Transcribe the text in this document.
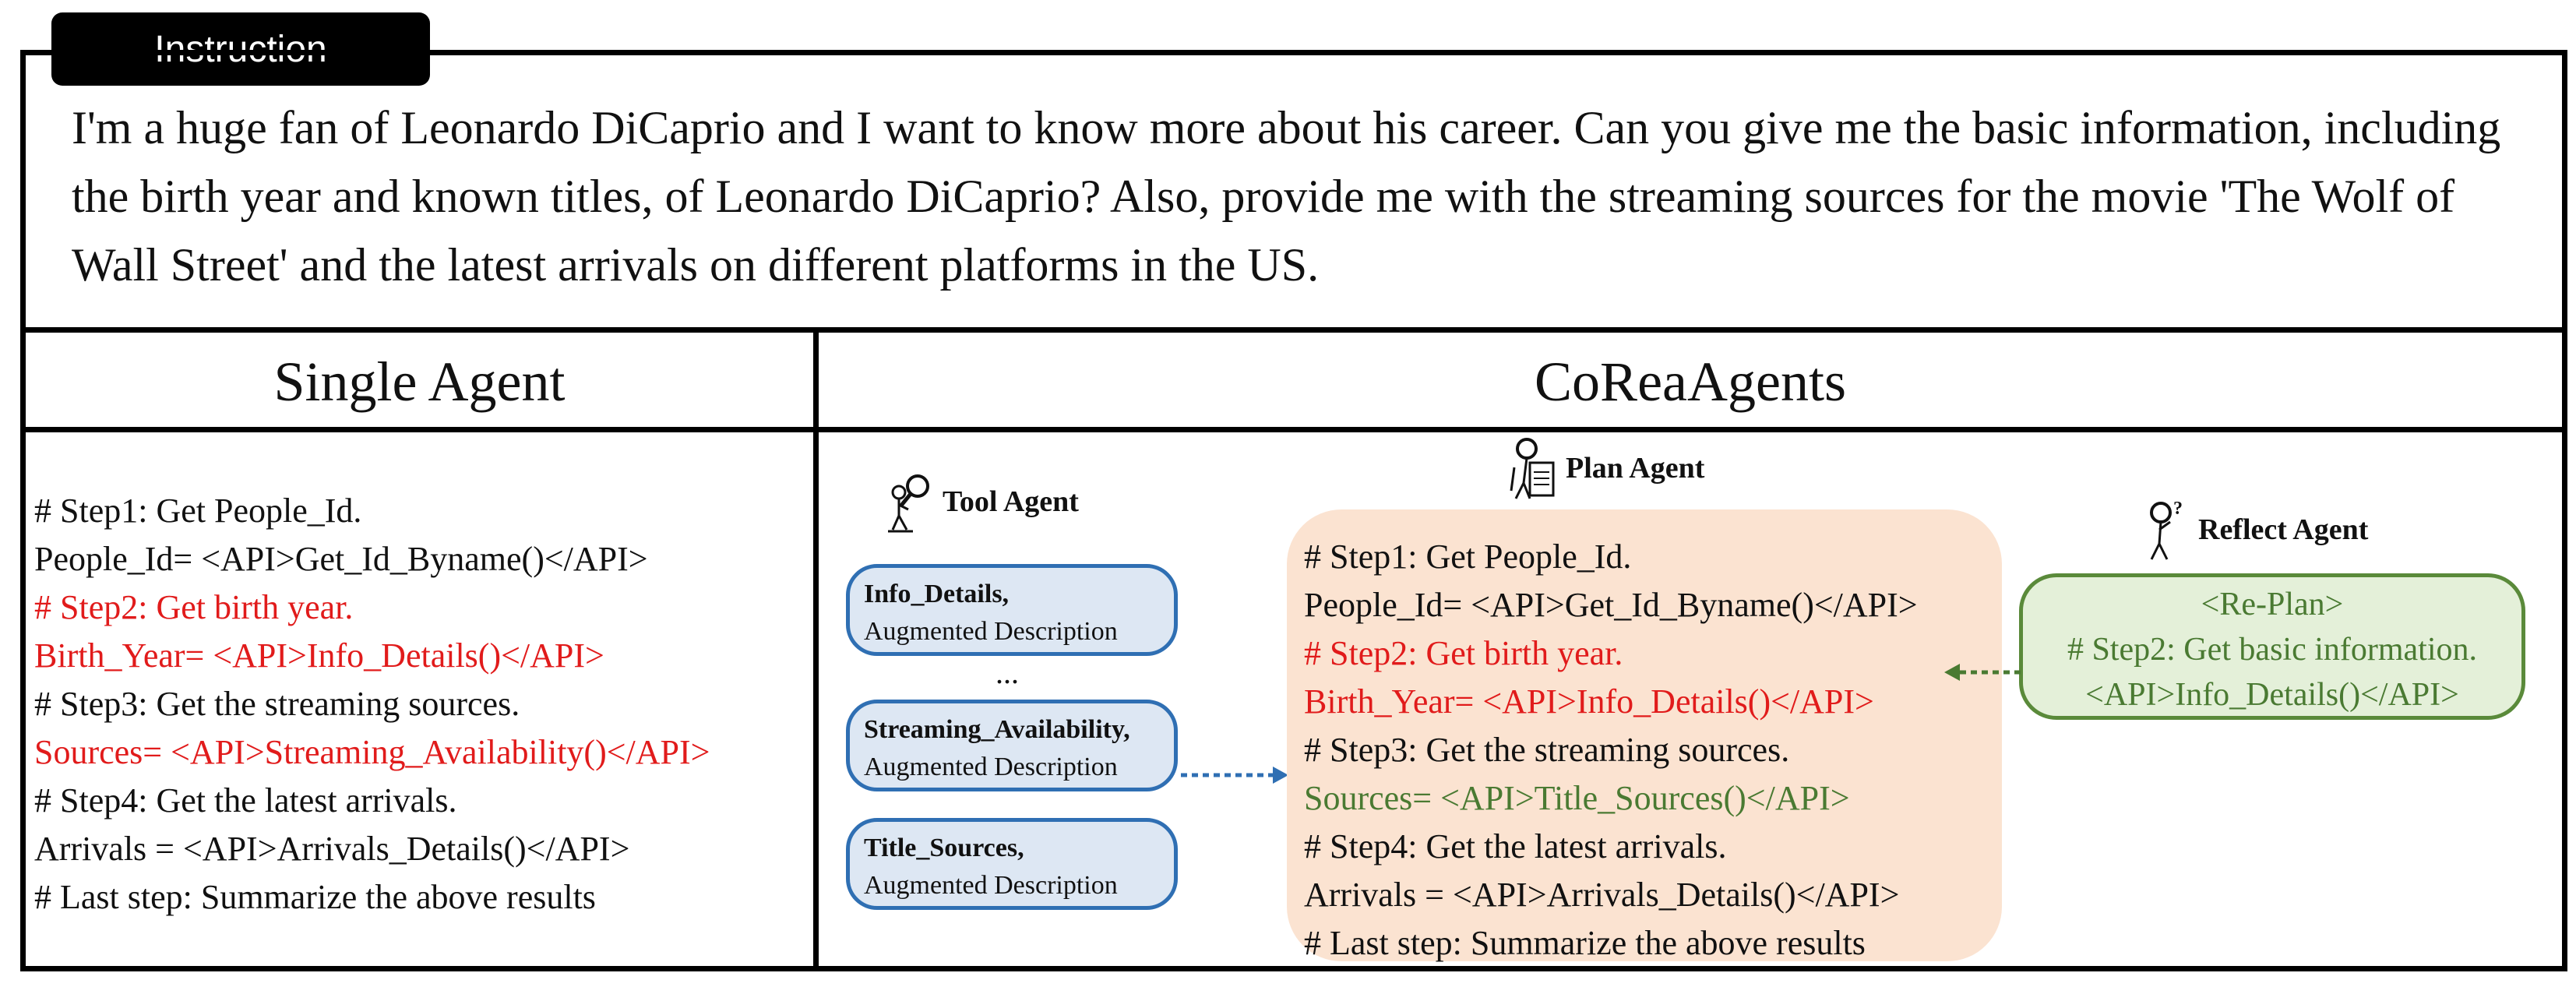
Instruction
I'm a huge fan of Leonardo DiCaprio and I want to know more about his career. Can you give me the basic information, including the birth year and known titles, of Leonardo DiCaprio? Also, provide me with the streaming sources for the movie 'The Wolf of Wall Street' and the latest arrivals on different platforms in the US.
Single Agent	CoReaAgents
# Step1: Get People_Id.
People_Id= <API>Get_Id_Byname()</API>
# Step2: Get birth year.
Birth_Year= <API>Info_Details()</API>
# Step3: Get the streaming sources.
Sources= <API>Streaming_Availability()</API>
# Step4: Get the latest arrivals.
Arrivals = <API>Arrivals_Details()</API>
# Last step: Summarize the above results
Tool Agent
Info_Details,
Augmented Description
...
Streaming_Availability,
Augmented Description
Title_Sources,
Augmented Description
Plan Agent
# Step1: Get People_Id.
People_Id= <API>Get_Id_Byname()</API>
# Step2: Get birth year.
Birth_Year= <API>Info_Details()</API>
# Step3: Get the streaming sources.
Sources= <API>Title_Sources()</API>
# Step4: Get the latest arrivals.
Arrivals = <API>Arrivals_Details()</API>
# Last step: Summarize the above results
?
Reflect Agent
<Re-Plan>
# Step2: Get basic information.
<API>Info_Details()</API>
